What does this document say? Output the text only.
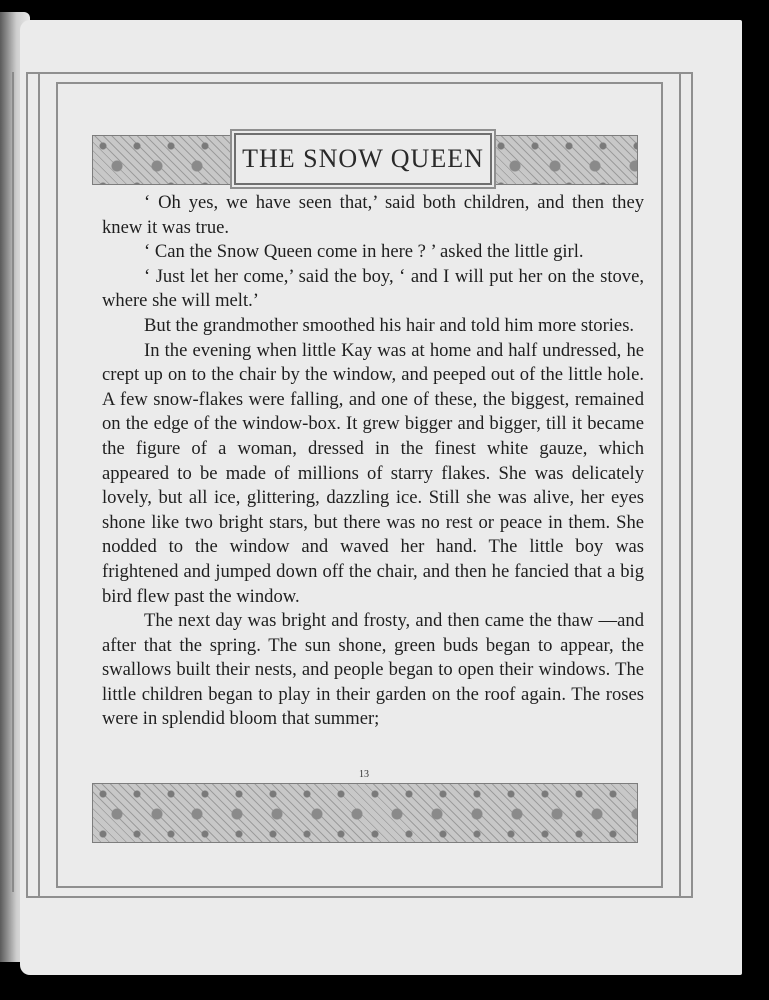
THE SNOW QUEEN

‘ Oh yes, we have seen that,’ said both children, and then they knew it was true.

‘ Can the Snow Queen come in here ? ’ asked the little girl.

‘ Just let her come,’ said the boy, ‘ and I will put her on the stove, where she will melt.’

But the grandmother smoothed his hair and told him more stories.

In the evening when little Kay was at home and half undressed, he crept up on to the chair by the window, and peeped out of the little hole. A few snow-flakes were falling, and one of these, the biggest, remained on the edge of the window-box. It grew bigger and bigger, till it became the figure of a woman, dressed in the finest white gauze, which appeared to be made of millions of starry flakes. She was delicately lovely, but all ice, glittering, dazzling ice. Still she was alive, her eyes shone like two bright stars, but there was no rest or peace in them. She nodded to the window and waved her hand. The little boy was frightened and jumped down off the chair, and then he fancied that a big bird flew past the window.

The next day was bright and frosty, and then came the thaw —and after that the spring. The sun shone, green buds began to appear, the swallows built their nests, and people began to open their windows. The little children began to play in their garden on the roof again. The roses were in splendid bloom that summer;

13
